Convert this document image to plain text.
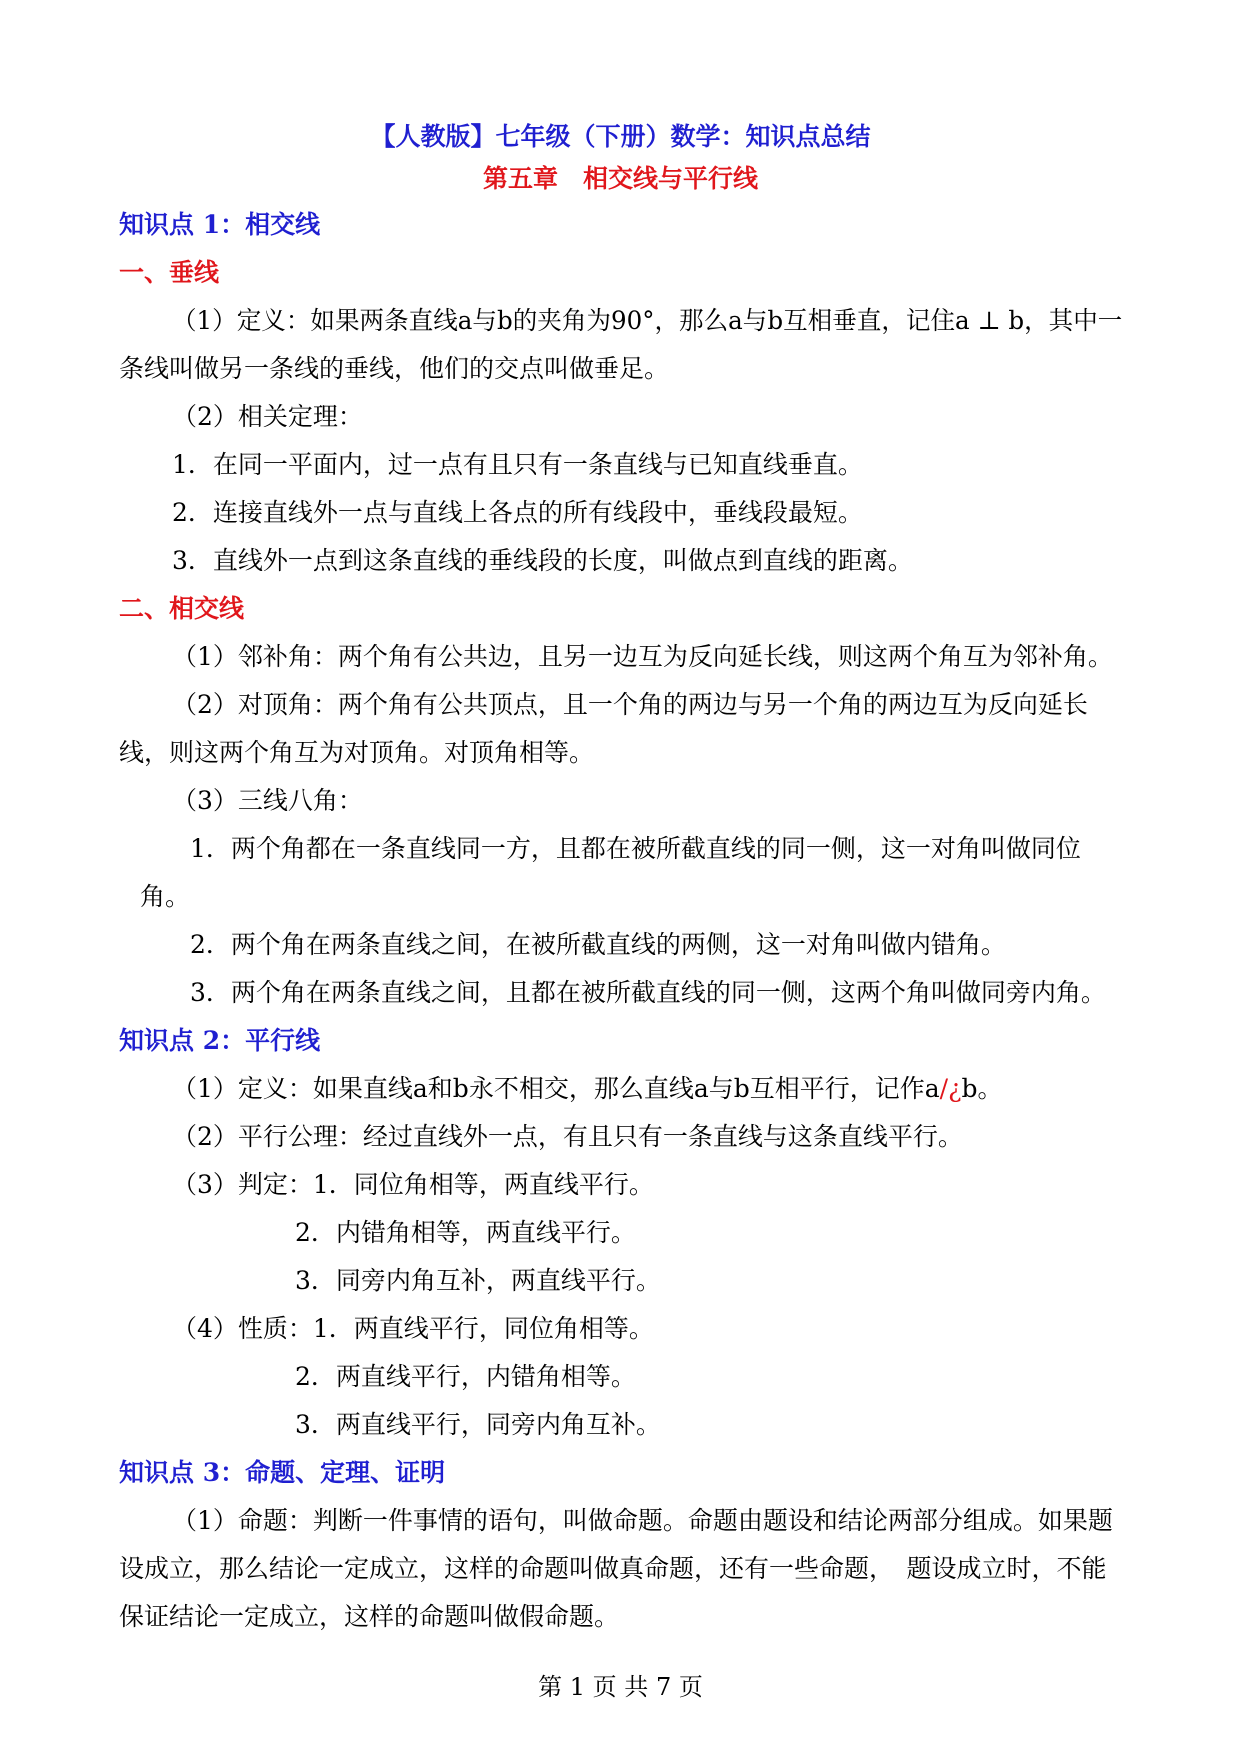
【人教版】七年级（下册）数学：知识点总结
第五章　相交线与平行线
知识点 1：相交线
一、垂线
（1）定义：如果两条直线a与b的夹角为90°，那么a与b互相垂直，记住a ⊥ b，其中一
条线叫做另一条线的垂线，他们的交点叫做垂足。
（2）相关定理：
1．在同一平面内，过一点有且只有一条直线与已知直线垂直。
2．连接直线外一点与直线上各点的所有线段中，垂线段最短。
3．直线外一点到这条直线的垂线段的长度，叫做点到直线的距离。
二、相交线
（1）邻补角：两个角有公共边，且另一边互为反向延长线，则这两个角互为邻补角。
（2）对顶角：两个角有公共顶点，且一个角的两边与另一个角的两边互为反向延长
线，则这两个角互为对顶角。对顶角相等。
（3）三线八角：
1．两个角都在一条直线同一方，且都在被所截直线的同一侧，这一对角叫做同位
角。
2．两个角在两条直线之间，在被所截直线的两侧，这一对角叫做内错角。
3．两个角在两条直线之间，且都在被所截直线的同一侧，这两个角叫做同旁内角。
知识点 2：平行线
（1）定义：如果直线a和b永不相交，那么直线a与b互相平行，记作a/¿b。
（2）平行公理：经过直线外一点，有且只有一条直线与这条直线平行。
（3）判定：1．同位角相等，两直线平行。
2．内错角相等，两直线平行。
3．同旁内角互补，两直线平行。
（4）性质：1．两直线平行，同位角相等。
2．两直线平行，内错角相等。
3．两直线平行，同旁内角互补。
知识点 3：命题、定理、证明
（1）命题：判断一件事情的语句，叫做命题。命题由题设和结论两部分组成。如果题
设成立，那么结论一定成立，这样的命题叫做真命题，还有一些命题，　题设成立时，不能
保证结论一定成立，这样的命题叫做假命题。
第 1 页 共 7 页
